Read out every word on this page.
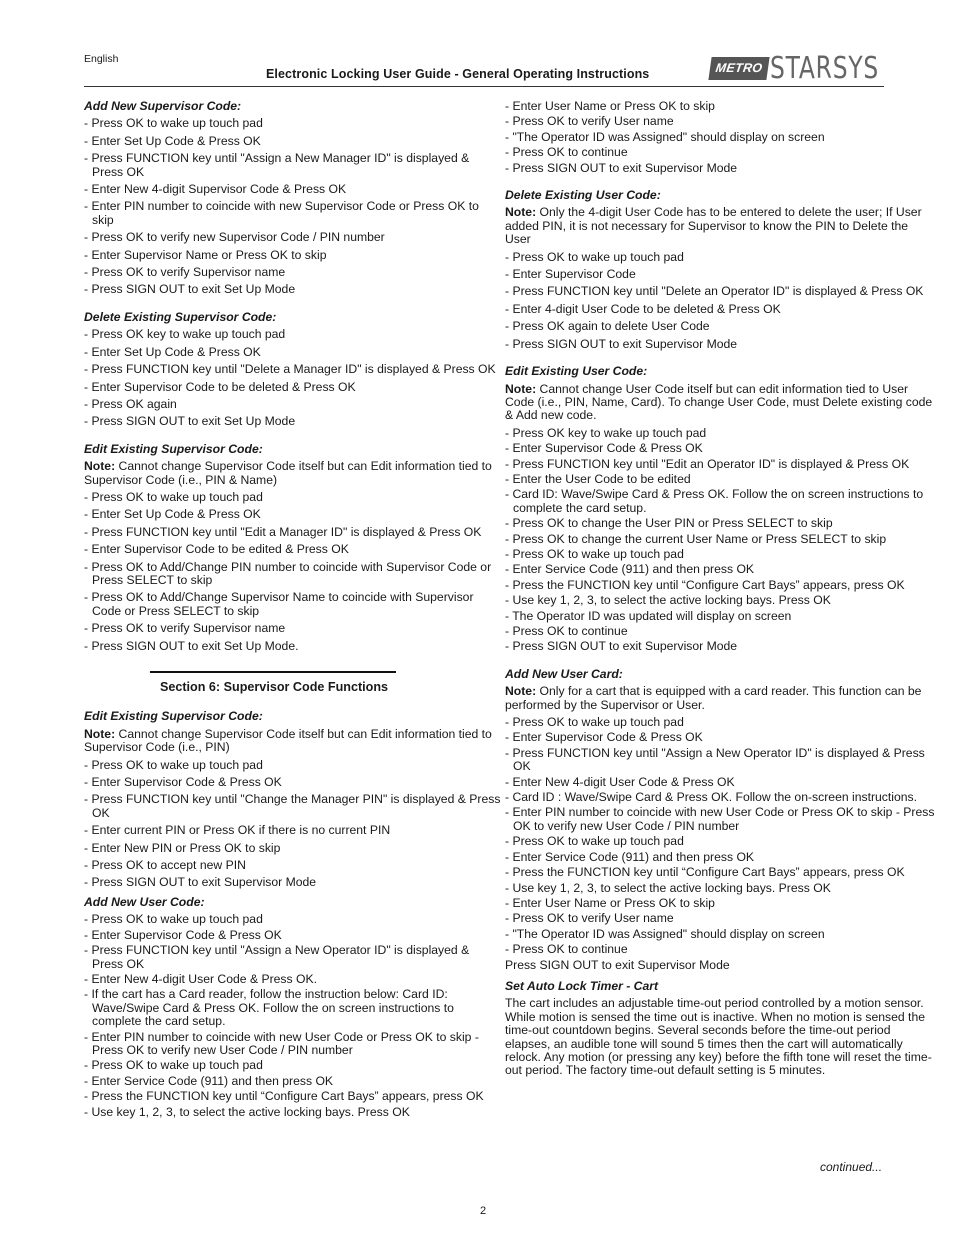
English
Electronic Locking User Guide - General Operating Instructions	METRO STARSYS
Add New Supervisor Code:
- Press OK to wake up touch pad
- Enter Set Up Code & Press OK
- Press FUNCTION key until "Assign a New Manager ID" is displayed & Press OK
- Enter New 4-digit Supervisor Code & Press OK
- Enter PIN number to coincide with new Supervisor Code or Press OK to skip
- Press OK to verify new Supervisor Code / PIN number
- Enter Supervisor Name or Press OK to skip
- Press OK to verify Supervisor name
- Press SIGN OUT to exit Set Up Mode
Delete Existing Supervisor Code:
- Press OK key to wake up touch pad
- Enter Set Up Code & Press OK
- Press FUNCTION key until "Delete a Manager ID" is displayed & Press OK
- Enter Supervisor Code to be deleted & Press OK
- Press OK again
- Press SIGN OUT to exit Set Up Mode
Edit Existing Supervisor Code:
Note: Cannot change Supervisor Code itself but can Edit information tied to Supervisor Code (i.e., PIN & Name)
- Press OK to wake up touch pad
- Enter Set Up Code & Press OK
- Press FUNCTION key until "Edit a Manager ID" is displayed & Press OK
- Enter Supervisor Code to be edited & Press OK
- Press OK to Add/Change PIN number to coincide with Supervisor Code or Press SELECT to skip
- Press OK to Add/Change Supervisor Name to coincide with Supervisor Code or Press SELECT to skip
- Press OK to verify Supervisor name
- Press SIGN OUT to exit Set Up Mode.
Section 6: Supervisor Code Functions
Edit Existing Supervisor Code:
Note: Cannot change Supervisor Code itself but can Edit information tied to Supervisor Code (i.e., PIN)
- Press OK to wake up touch pad
- Enter Supervisor Code & Press OK
- Press FUNCTION key until "Change the Manager PIN" is displayed & Press OK
- Enter current PIN or Press OK if there is no current PIN
- Enter New PIN or Press OK to skip
- Press OK to accept new PIN
- Press SIGN OUT to exit Supervisor Mode
Add New User Code:
- Press OK to wake up touch pad
- Enter Supervisor Code & Press OK
- Press FUNCTION key until "Assign a New Operator ID" is displayed & Press OK
- Enter New 4-digit User Code & Press OK.
- If the cart has a Card reader, follow the instruction below: Card ID: Wave/Swipe Card & Press OK. Follow the on screen instructions to complete the card setup.
- Enter PIN number to coincide with new User Code or Press OK to skip - Press OK to verify new User Code / PIN number
- Press OK to wake up touch pad
- Enter Service Code (911) and then press OK
- Press the FUNCTION key until “Configure Cart Bays” appears, press OK
- Use key 1, 2, 3, to select the active locking bays. Press OK
- Enter User Name or Press OK to skip
- Press OK to verify User name
- "The Operator ID was Assigned" should display on screen
- Press OK to continue
- Press SIGN OUT to exit Supervisor Mode
Delete Existing User Code:
Note: Only the 4-digit User Code has to be entered to delete the user; If User added PIN, it is not necessary for Supervisor to know the PIN to Delete the User
- Press OK to wake up touch pad
- Enter Supervisor Code
- Press FUNCTION key until "Delete an Operator ID" is displayed & Press OK
- Enter 4-digit User Code to be deleted & Press OK
- Press OK again to delete User Code
- Press SIGN OUT to exit Supervisor Mode
Edit Existing User Code:
Note: Cannot change User Code itself but can edit information tied to User Code (i.e., PIN, Name, Card). To change User Code, must Delete existing code & Add new code.
- Press OK key to wake up touch pad
- Enter Supervisor Code & Press OK
- Press FUNCTION key until "Edit an Operator ID" is displayed & Press OK
- Enter the User Code to be edited
- Card ID: Wave/Swipe Card & Press OK. Follow the on screen instructions to complete the card setup.
- Press OK to change the User PIN or Press SELECT to skip
- Press OK to change the current User Name or Press SELECT to skip
- Press OK to wake up touch pad
- Enter Service Code (911) and then press OK
- Press the FUNCTION key until “Configure Cart Bays” appears, press OK
- Use key 1, 2, 3, to select the active locking bays. Press OK
- The Operator ID was updated will display on screen
- Press OK to continue
- Press SIGN OUT to exit Supervisor Mode
Add New User Card:
Note: Only for a cart that is equipped with a card reader. This function can be performed by the Supervisor or User.
- Press OK to wake up touch pad
- Enter Supervisor Code & Press OK
- Press FUNCTION key until "Assign a New Operator ID" is displayed & Press OK
- Enter New 4-digit User Code & Press OK
- Card ID : Wave/Swipe Card & Press OK. Follow the on-screen instructions.
- Enter PIN number to coincide with new User Code or Press OK to skip - Press OK to verify new User Code / PIN number
- Press OK to wake up touch pad
- Enter Service Code (911) and then press OK
- Press the FUNCTION key until “Configure Cart Bays” appears, press OK
- Use key 1, 2, 3, to select the active locking bays. Press OK
- Enter User Name or Press OK to skip
- Press OK to verify User name
- "The Operator ID was Assigned" should display on screen
- Press OK to continue
Press SIGN OUT to exit Supervisor Mode
Set Auto Lock Timer - Cart
The cart includes an adjustable time-out period controlled by a motion sensor. While motion is sensed the time out is inactive. When no motion is sensed the time-out countdown begins. Several seconds before the time-out period elapses, an audible tone will sound 5 times then the cart will automatically relock. Any motion (or pressing any key) before the fifth tone will reset the time-out period. The factory time-out default setting is 5 minutes.
continued...
2
